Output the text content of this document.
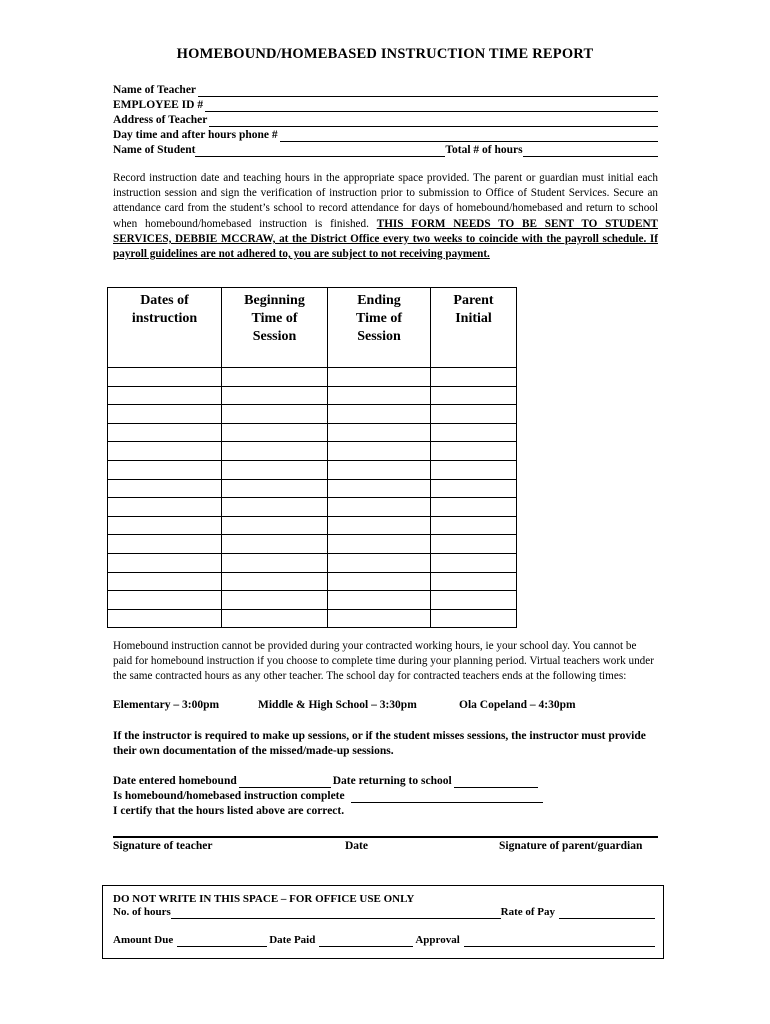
HOMEBOUND/HOMEBASED INSTRUCTION TIME REPORT
Name of Teacher
EMPLOYEE ID #
Address of Teacher
Day time and after hours phone #
Name of Student	Total # of hours
Record instruction date and teaching hours in the appropriate space provided. The parent or guardian must initial each instruction session and sign the verification of instruction prior to submission to Office of Student Services. Secure an attendance card from the student’s school to record attendance for days of homebound/homebased and return to school when homebound/homebased instruction is finished. THIS FORM NEEDS TO BE SENT TO STUDENT SERVICES, DEBBIE MCCRAW, at the District Office every two weeks to coincide with the payroll schedule. If payroll guidelines are not adhered to, you are subject to not receiving payment.
Dates of instruction	Beginning Time of Session	Ending Time of Session	Parent Initial

Homebound instruction cannot be provided during your contracted working hours, ie your school day. You cannot be paid for homebound instruction if you choose to complete time during your planning period. Virtual teachers work under the same contracted hours as any other teacher. The school day for contracted teachers ends at the following times:
Elementary – 3:00pm	Middle & High School – 3:30pm	Ola Copeland – 4:30pm
If the instructor is required to make up sessions, or if the student misses sessions, the instructor must provide their own documentation of the missed/made-up sessions.
Date entered homebound	Date returning to school
Is homebound/homebased instruction complete
I certify that the hours listed above are correct.
Signature of teacher	Date	Signature of parent/guardian
DO NOT WRITE IN THIS SPACE – FOR OFFICE USE ONLY
No. of hours	Rate of Pay
Amount Due	Date Paid	Approval
